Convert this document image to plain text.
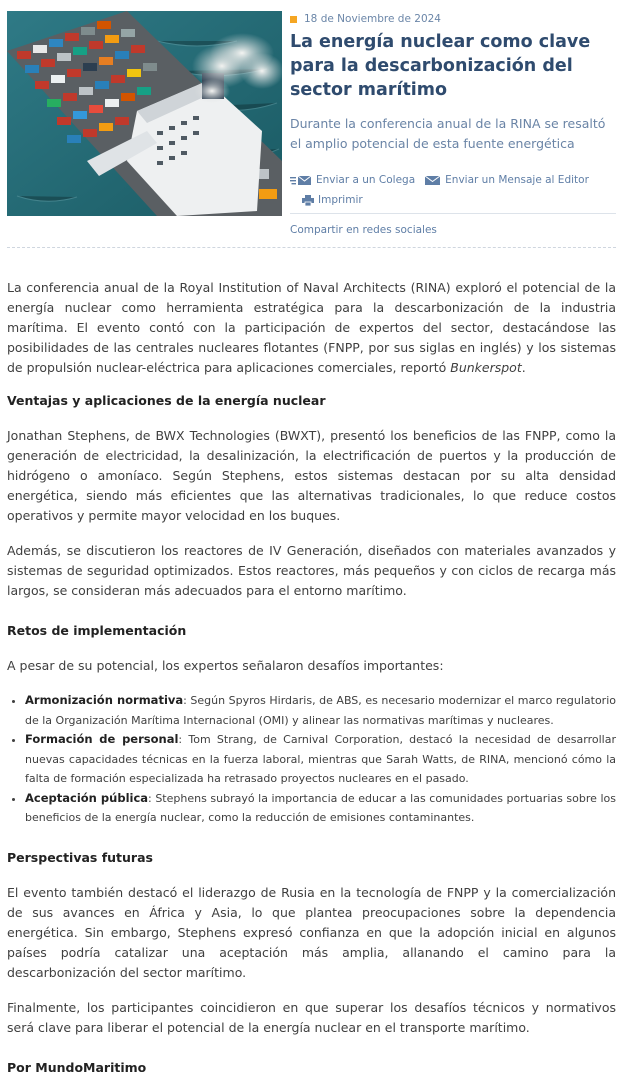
18 de Noviembre de 2024
La energía nuclear como clave para la descarbonización del sector marítimo
Durante la conferencia anual de la RINA se resaltó el amplio potencial de esta fuente energética
Enviar a un Colega	Enviar un Mensaje al Editor
Imprimir
Compartir en redes sociales

La conferencia anual de la Royal Institution of Naval Architects (RINA) exploró el potencial de la energía nuclear como herramienta estratégica para la descarbonización de la industria marítima. El evento contó con la participación de expertos del sector, destacándose las posibilidades de las centrales nucleares flotantes (FNPP, por sus siglas en inglés) y los sistemas de propulsión nuclear-eléctrica para aplicaciones comerciales, reportó Bunkerspot.

Ventajas y aplicaciones de la energía nuclear

Jonathan Stephens, de BWX Technologies (BWXT), presentó los beneficios de las FNPP, como la generación de electricidad, la desalinización, la electrificación de puertos y la producción de hidrógeno o amoníaco. Según Stephens, estos sistemas destacan por su alta densidad energética, siendo más eficientes que las alternativas tradicionales, lo que reduce costos operativos y permite mayor velocidad en los buques.

Además, se discutieron los reactores de IV Generación, diseñados con materiales avanzados y sistemas de seguridad optimizados. Estos reactores, más pequeños y con ciclos de recarga más largos, se consideran más adecuados para el entorno marítimo.

Retos de implementación

A pesar de su potencial, los expertos señalaron desafíos importantes:

• Armonización normativa: Según Spyros Hirdaris, de ABS, es necesario modernizar el marco regulatorio de la Organización Marítima Internacional (OMI) y alinear las normativas marítimas y nucleares.
• Formación de personal: Tom Strang, de Carnival Corporation, destacó la necesidad de desarrollar nuevas capacidades técnicas en la fuerza laboral, mientras que Sarah Watts, de RINA, mencionó cómo la falta de formación especializada ha retrasado proyectos nucleares en el pasado.
• Aceptación pública: Stephens subrayó la importancia de educar a las comunidades portuarias sobre los beneficios de la energía nuclear, como la reducción de emisiones contaminantes.
Perspectivas futuras

El evento también destacó el liderazgo de Rusia en la tecnología de FNPP y la comercialización de sus avances en África y Asia, lo que plantea preocupaciones sobre la dependencia energética. Sin embargo, Stephens expresó confianza en que la adopción inicial en algunos países podría catalizar una aceptación más amplia, allanando el camino para la descarbonización del sector marítimo.

Finalmente, los participantes coincidieron en que superar los desafíos técnicos y normativos será clave para liberar el potencial de la energía nuclear en el transporte marítimo.

Por MundoMaritimo
